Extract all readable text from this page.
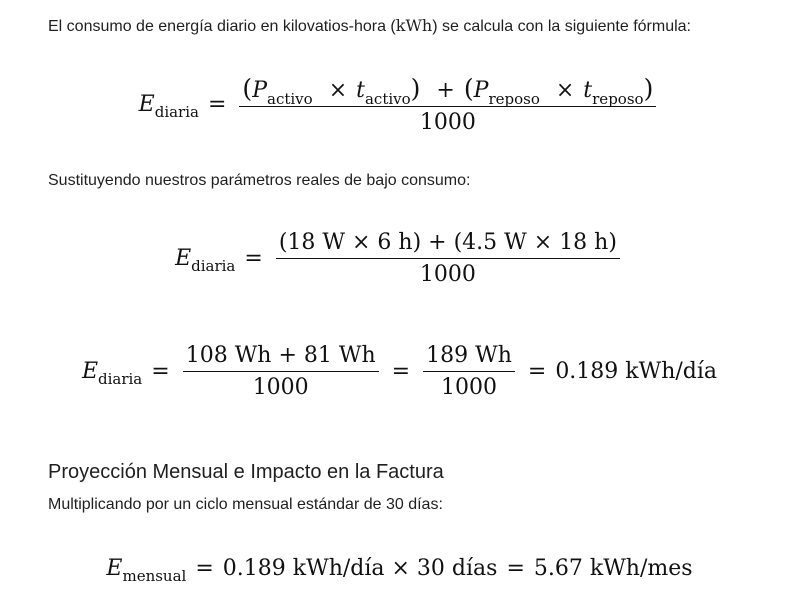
El consumo de energía diario en kilovatios-hora (kWh) se calcula con la siguiente fórmula:
E diaria = $\frac{(P_{activo} \times t_{activo}) + (P_{reposo} \times t_{reposo})}{1000}$
Sustituyendo nuestros parámetros reales de bajo consumo:
E diaria = $\frac{(18 W \times 6 h) + (4.5 W \times 18 h)}{1000}$
E diaria = $\frac{108 Wh + 81 Wh}{1000} = \frac{189 Wh}{1000} = 0.189$ kWh/día
Proyección Mensual e Impacto en la Factura
Multiplicando por un ciclo mensual estándar de 30 días:
E mensual = 0.189 kWh/día × 30 días = 5.67 kWh/mes
